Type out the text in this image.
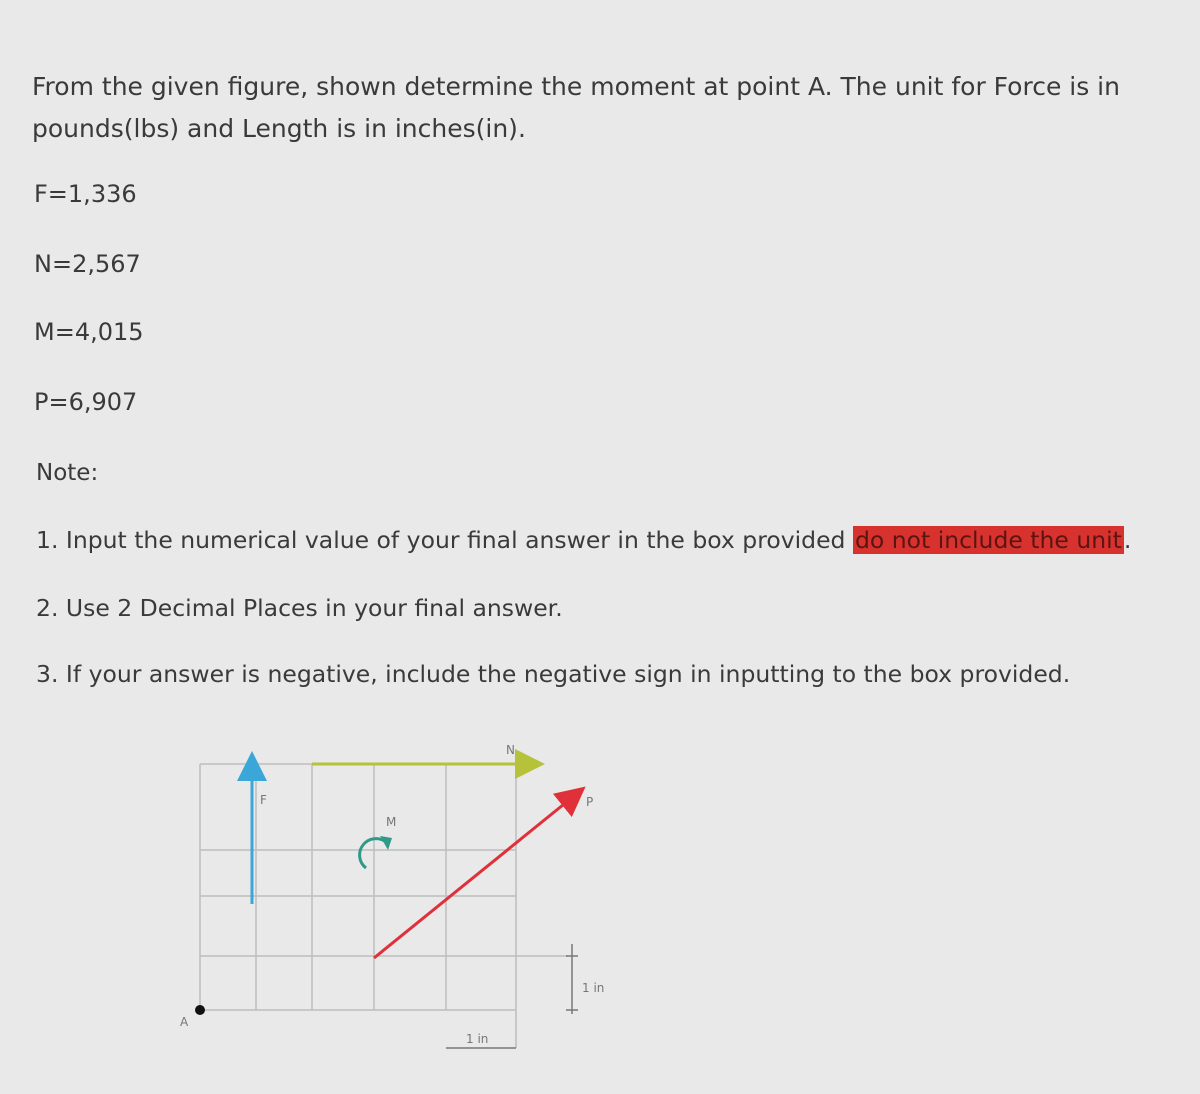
From the given figure, shown determine the moment at point A. The unit for Force is in pounds(lbs) and Length is in inches(in).

F=1,336

N=2,567

M=4,015

P=6,907

Note:

1. Input the numerical value of your final answer in the box provided do not include the unit.

2. Use 2 Decimal Places in your final answer.

3. If your answer is negative, include the negative sign in inputting to the box provided.

1 in
1 in
F
N
P
M
A
